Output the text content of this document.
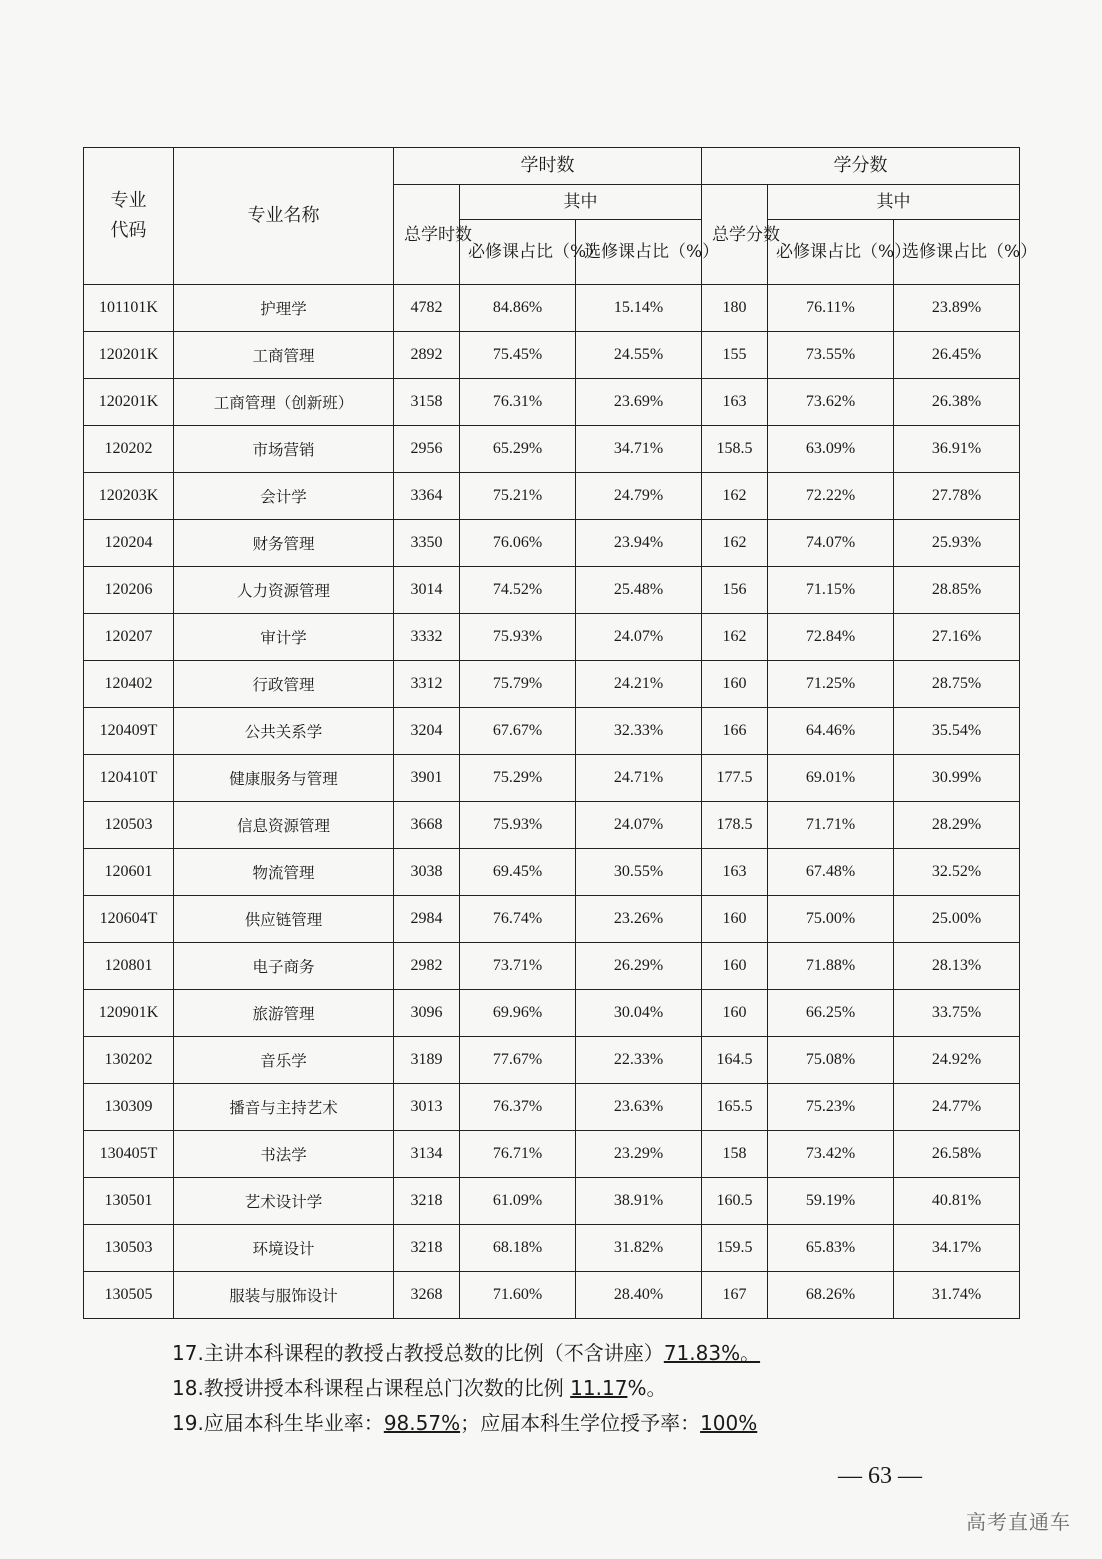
专业代码	专业名称	学时数			学分数		
		总学时数	其中		总学分数	其中	
			必修课占比（%）	选修课占比（%）		必修课占比（%）	选修课占比（%）
101101K	护理学	4782	84.86%	15.14%	180	76.11%	23.89%
120201K	工商管理	2892	75.45%	24.55%	155	73.55%	26.45%
120201K	工商管理（创新班）	3158	76.31%	23.69%	163	73.62%	26.38%
120202	市场营销	2956	65.29%	34.71%	158.5	63.09%	36.91%
120203K	会计学	3364	75.21%	24.79%	162	72.22%	27.78%
120204	财务管理	3350	76.06%	23.94%	162	74.07%	25.93%
120206	人力资源管理	3014	74.52%	25.48%	156	71.15%	28.85%
120207	审计学	3332	75.93%	24.07%	162	72.84%	27.16%
120402	行政管理	3312	75.79%	24.21%	160	71.25%	28.75%
120409T	公共关系学	3204	67.67%	32.33%	166	64.46%	35.54%
120410T	健康服务与管理	3901	75.29%	24.71%	177.5	69.01%	30.99%
120503	信息资源管理	3668	75.93%	24.07%	178.5	71.71%	28.29%
120601	物流管理	3038	69.45%	30.55%	163	67.48%	32.52%
120604T	供应链管理	2984	76.74%	23.26%	160	75.00%	25.00%
120801	电子商务	2982	73.71%	26.29%	160	71.88%	28.13%
120901K	旅游管理	3096	69.96%	30.04%	160	66.25%	33.75%
130202	音乐学	3189	77.67%	22.33%	164.5	75.08%	24.92%
130309	播音与主持艺术	3013	76.37%	23.63%	165.5	75.23%	24.77%
130405T	书法学	3134	76.71%	23.29%	158	73.42%	26.58%
130501	艺术设计学	3218	61.09%	38.91%	160.5	59.19%	40.81%
130503	环境设计	3218	68.18%	31.82%	159.5	65.83%	34.17%
130505	服装与服饰设计	3268	71.60%	28.40%	167	68.26%	31.74%

17.主讲本科课程的教授占教授总数的比例（不含讲座）71.83%。

18.教授讲授本科课程占课程总门次数的比例 11.17%。

19.应届本科生毕业率：98.57%；应届本科生学位授予率：100%

— 63 —
高考直通车
